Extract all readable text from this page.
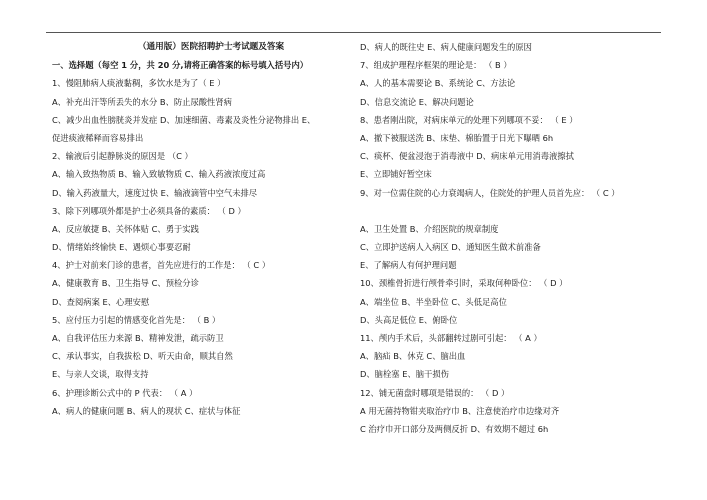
（通用版）医院招聘护士考试题及答案
一、选择题（每空 1 分，共 20 分,请将正确答案的标号填入括号内）
1、慢阻肺病人痰液黏稠，多饮水是为了（ E ）
A、补充出汗等所丢失的水分 B、防止尿酸性肾病
C、减少出血性膀胱炎并发症 D、加速细菌、毒素及炎性分泌物排出 E、
促进痰液稀释而容易排出
2、输液后引起静脉炎的原因是 （C ）
A、输入致热物质 B、输入致敏物质 C、输入药液浓度过高
D、输入药液量大，速度过快 E、输液滴管中空气未排尽
3、除下列哪项外都是护士必须具备的素质： （ D ）
A、反应敏捷 B、关怀体贴 C、勇于实践
D、情绪始终愉快 E、遇烦心事要忍耐
4、护士对前来门诊的患者，首先应进行的工作是： （ C ）
A、健康教育 B、卫生指导 C、预检分诊
D、查阅病案 E、心理安慰
5、应付压力引起的情感变化首先是： （ B ）
A、自我评估压力来源 B、精神发泄，疏示防卫
C、承认事实，自我拔松 D、听天由命，顺其自然
E、与亲人交谈，取得支持
6、护理诊断公式中的 P 代表： （ A ）
A、病人的健康问题 B、病人的现状 C、症状与体征
D、病人的既往史 E、病人健康问题发生的原因
7、组成护理程序框架的理论是： （ B ）
A、人的基本需要论 B、系统论 C、方法论
D、信息交流论 E、解决问题论
8、患者刚出院，对病床单元的处理下列哪项不妥： （ E ）
A、撤下被服送洗 B、床垫、棉胎置于日光下曝晒 6h
C、痰杯、便盆浸泡于消毒液中 D、病床单元用消毒液擦拭
E、立即铺好暂空床
9、对一位需住院的心力衰竭病人，住院处的护理人员首先应： （ C ）
A、卫生处置 B、介绍医院的规章制度
C、立即护送病人入病区 D、通知医生做术前准备
E、了解病人有何护理问题
10、颈椎骨折进行颅骨牵引时，采取何种卧位： （ D ）
A、端坐位 B、半坐卧位 C、头低足高位
D、头高足低位 E、俯卧位
11、颅内手术后，头部翻转过剧可引起： （ A ）
A、脑疝 B、休克 C、脑出血
D、脑栓塞 E、脑干损伤
12、铺无菌盘时哪项是错误的： （ D ）
A 用无菌持物钳夹取治疗巾 B、注意使治疗巾边缘对齐
C 治疗巾开口部分及两侧反折 D、有效期不超过 6h
